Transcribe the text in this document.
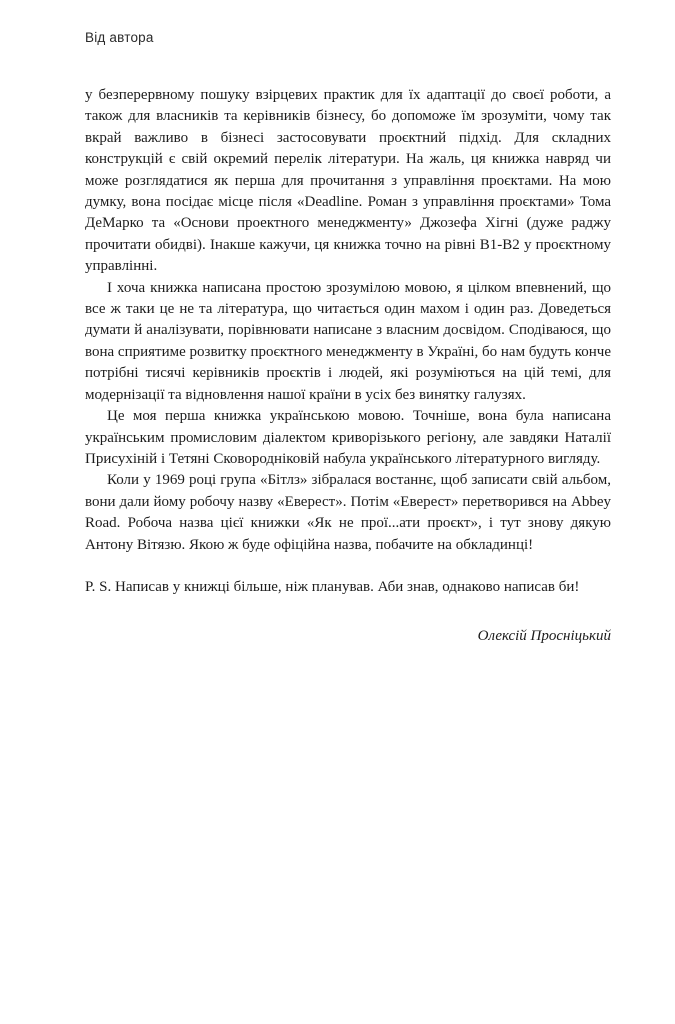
Від автора

у безперервному пошуку взірцевих практик для їх адаптації до своєї роботи, а також для власників та керівників бізнесу, бо допоможе їм зрозуміти, чому так вкрай важливо в бізнесі застосовувати проєктний підхід. Для складних конструкцій є свій окремий перелік літератури. На жаль, ця книжка навряд чи може розглядатися як перша для прочитання з управління проєктами. На мою думку, вона посідає місце після «Deadline. Роман з управління проєктами» Тома ДеМарко та «Основи проектного менеджменту» Джозефа Хігні (дуже раджу прочитати обидві). Інакше кажучи, ця книжка точно на рівні B1-B2 у проєктному управлінні.

І хоча книжка написана простою зрозумілою мовою, я цілком впевнений, що все ж таки це не та література, що читається один махом і один раз. Доведеться думати й аналізувати, порівнювати написане з власним досвідом. Сподіваюся, що вона сприятиме розвитку проєктного менеджменту в Україні, бо нам будуть конче потрібні тисячі керівників проєктів і людей, які розуміються на цій темі, для модернізації та відновлення нашої країни в усіх без винятку галузях.

Це моя перша книжка українською мовою. Точніше, вона була написана українським промисловим діалектом криворізького регіону, але завдяки Наталії Присухіній і Тетяні Сковородніковій набула українського літературного вигляду.

Коли у 1969 році група «Бітлз» зібралася востаннє, щоб записати свій альбом, вони дали йому робочу назву «Еверест». Потім «Еверест» перетворився на Abbey Road. Робоча назва цієї книжки «Як не прої...ати проєкт», і тут знову дякую Антону Вітязю. Якою ж буде офіційна назва, побачите на обкладинці!

P. S. Написав у книжці більше, ніж планував. Аби знав, однаково написав би!

Олексій Просніцький
